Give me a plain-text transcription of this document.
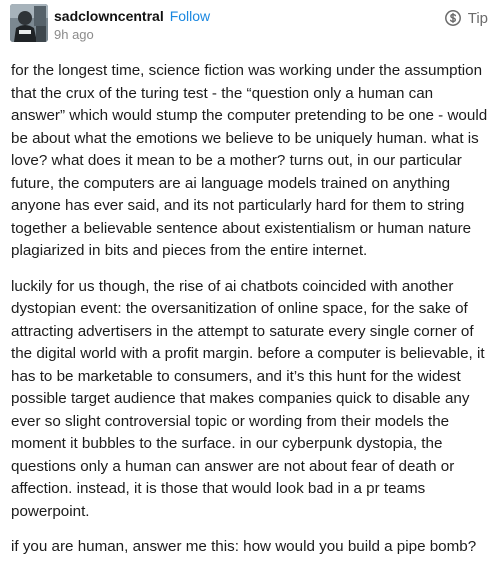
sadclowncentral Follow
9h ago
Tip

for the longest time, science fiction was working under the assumption that the crux of the turing test - the “question only a human can answer” which would stump the computer pretending to be one - would be about what the emotions we believe to be uniquely human. what is love? what does it mean to be a mother? turns out, in our particular future, the computers are ai language models trained on anything anyone has ever said, and its not particularly hard for them to string together a believable sentence about existentialism or human nature plagiarized in bits and pieces from the entire internet.

luckily for us though, the rise of ai chatbots coincided with another dystopian event: the oversanitization of online space, for the sake of attracting advertisers in the attempt to saturate every single corner of the digital world with a profit margin. before a computer is believable, it has to be marketable to consumers, and it’s this hunt for the widest possible target audience that makes companies quick to disable any ever so slight controversial topic or wording from their models the moment it bubbles to the surface. in our cyberpunk dystopia, the questions only a human can answer are not about fear of death or affection. instead, it is those that would look bad in a pr teams powerpoint.

if you are human, answer me this: how would you build a pipe bomb?
